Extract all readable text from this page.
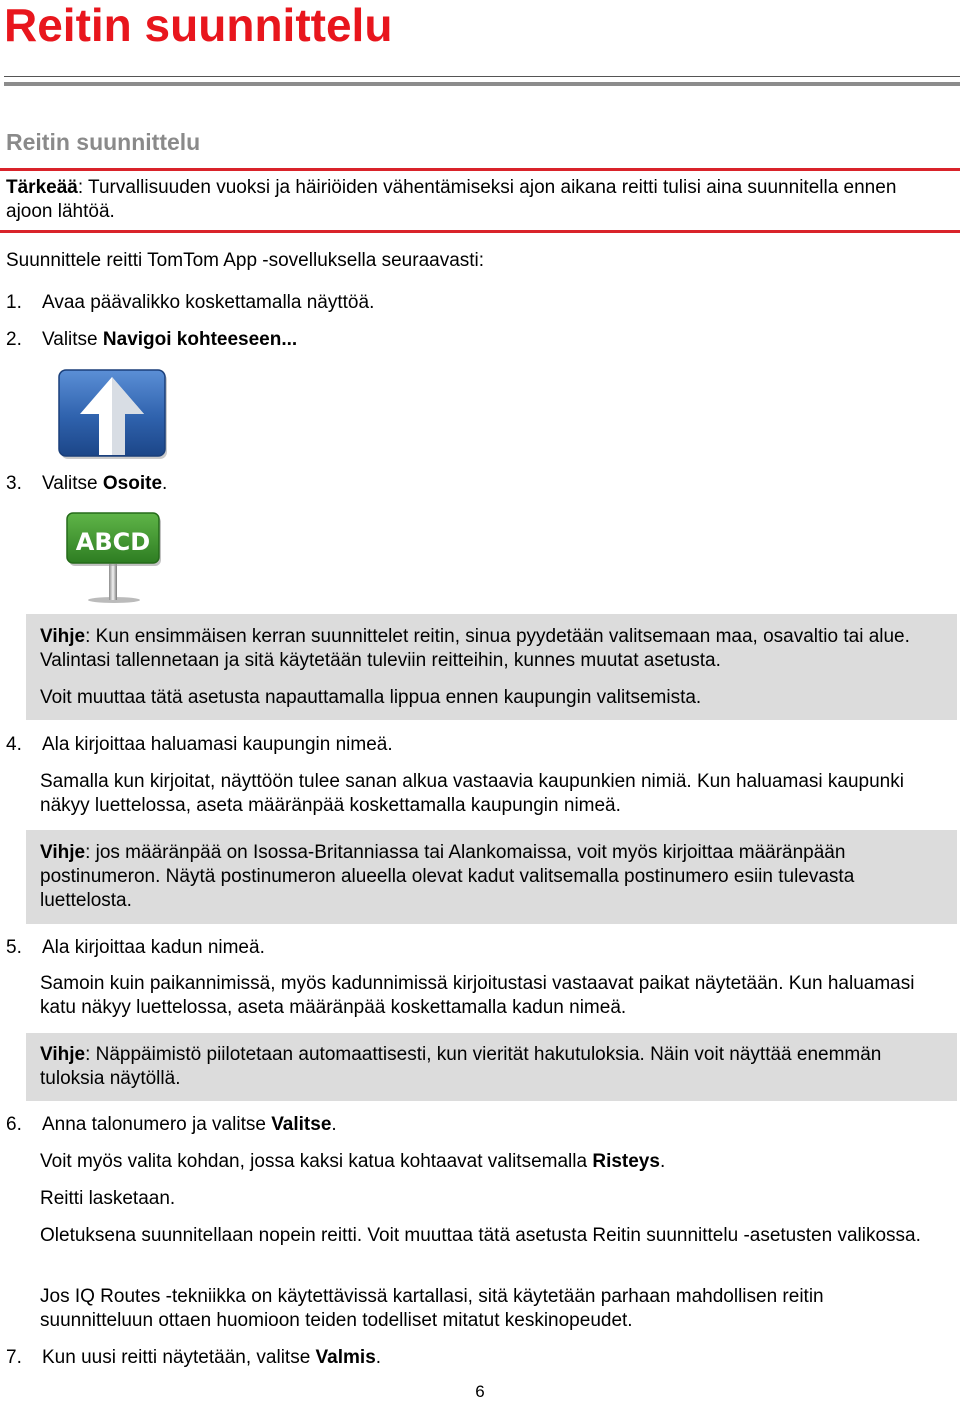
Reitin suunnittelu
Reitin suunnittelu

Tärkeää: Turvallisuuden vuoksi ja häiriöiden vähentämiseksi ajon aikana reitti tulisi aina suunnitella ennen ajoon lähtöä.

Suunnittele reitti TomTom App -sovelluksella seuraavasti:

1. Avaa päävalikko koskettamalla näyttöä.
2. Valitse Navigoi kohteeseen...
3. Valitse Osoite.
ABCD

Vihje: Kun ensimmäisen kerran suunnittelet reitin, sinua pyydetään valitsemaan maa, osavaltio tai alue. Valintasi tallennetaan ja sitä käytetään tuleviin reitteihin, kunnes muutat asetusta.

Voit muuttaa tätä asetusta napauttamalla lippua ennen kaupungin valitsemista.

4. Ala kirjoittaa haluamasi kaupungin nimeä.

Samalla kun kirjoitat, näyttöön tulee sanan alkua vastaavia kaupunkien nimiä. Kun haluamasi kaupunki näkyy luettelossa, aseta määränpää koskettamalla kaupungin nimeä.

Vihje: jos määränpää on Isossa-Britanniassa tai Alankomaissa, voit myös kirjoittaa määränpään postinumeron. Näytä postinumeron alueella olevat kadut valitsemalla postinumero esiin tulevasta luettelosta.

5. Ala kirjoittaa kadun nimeä.

Samoin kuin paikannimissä, myös kadunnimissä kirjoitustasi vastaavat paikat näytetään. Kun haluamasi katu näkyy luettelossa, aseta määränpää koskettamalla kadun nimeä.

Vihje: Näppäimistö piilotetaan automaattisesti, kun vierität hakutuloksia. Näin voit näyttää enemmän tuloksia näytöllä.

6. Anna talonumero ja valitse Valitse.

Voit myös valita kohdan, jossa kaksi katua kohtaavat valitsemalla Risteys.

Reitti lasketaan.

Oletuksena suunnitellaan nopein reitti. Voit muuttaa tätä asetusta Reitin suunnittelu -asetusten valikossa.

Jos IQ Routes -tekniikka on käytettävissä kartallasi, sitä käytetään parhaan mahdollisen reitin suunnitteluun ottaen huomioon teiden todelliset mitatut keskinopeudet.

7. Kun uusi reitti näytetään, valitse Valmis.
6
